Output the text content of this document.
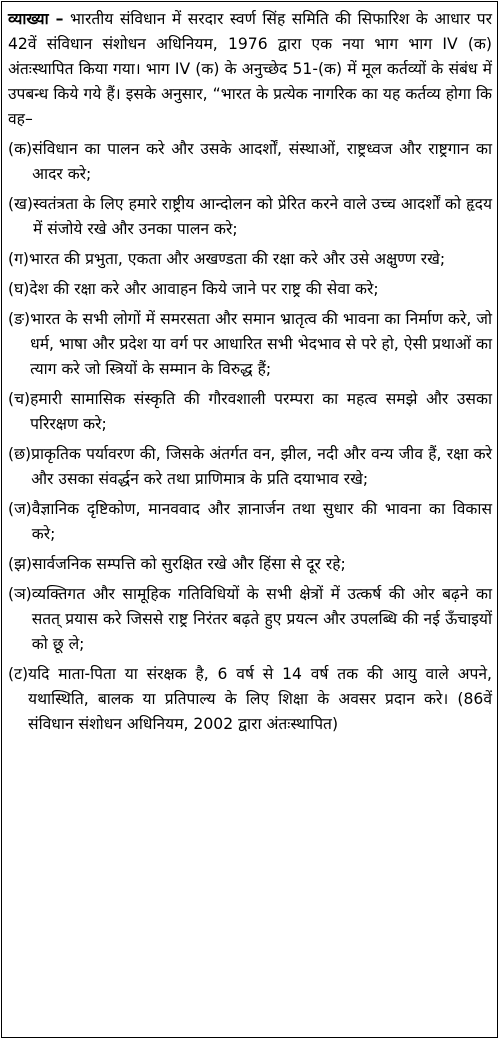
व्याख्या – भारतीय संविधान में सरदार स्वर्ण सिंह समिति की सिफारिश के आधार पर 42वें संविधान संशोधन अधिनियम, 1976 द्वारा एक नया भाग भाग IV (क) अंतःस्थापित किया गया। भाग IV (क) के अनुच्छेद 51-(क) में मूल कर्तव्यों के संबंध में उपबन्ध किये गये हैं। इसके अनुसार, “भारत के प्रत्येक नागरिक का यह कर्तव्य होगा कि वह–

(क) संविधान का पालन करे और उसके आदर्शों, संस्थाओं, राष्ट्रध्वज और राष्ट्रगान का आदर करे;
(ख) स्वतंत्रता के लिए हमारे राष्ट्रीय आन्दोलन को प्रेरित करने वाले उच्च आदर्शों को हृदय में संजोये रखे और उनका पालन करे;
(ग) भारत की प्रभुता, एकता और अखण्डता की रक्षा करे और उसे अक्षुण्ण रखे;
(घ) देश की रक्षा करे और आवाहन किये जाने पर राष्ट्र की सेवा करे;
(ङ) भारत के सभी लोगों में समरसता और समान भ्रातृत्व की भावना का निर्माण करे, जो धर्म, भाषा और प्रदेश या वर्ग पर आधारित सभी भेदभाव से परे हो, ऐसी प्रथाओं का त्याग करे जो स्त्रियों के सम्मान के विरुद्ध हैं;
(च) हमारी सामासिक संस्कृति की गौरवशाली परम्परा का महत्व समझे और उसका परिरक्षण करे;
(छ) प्राकृतिक पर्यावरण की, जिसके अंतर्गत वन, झील, नदी और वन्य जीव हैं, रक्षा करे और उसका संवर्द्धन करे तथा प्राणिमात्र के प्रति दयाभाव रखे;
(ज) वैज्ञानिक दृष्टिकोण, मानववाद और ज्ञानार्जन तथा सुधार की भावना का विकास करे;
(झ) सार्वजनिक सम्पत्ति को सुरक्षित रखे और हिंसा से दूर रहे;
(ञ) व्यक्तिगत और सामूहिक गतिविधियों के सभी क्षेत्रों में उत्कर्ष की ओर बढ़ने का सतत् प्रयास करे जिससे राष्ट्र निरंतर बढ़ते हुए प्रयत्न और उपलब्धि की नई ऊँचाइयों को छू ले;
(ट) यदि माता-पिता या संरक्षक है, 6 वर्ष से 14 वर्ष तक की आयु वाले अपने, यथास्थिति, बालक या प्रतिपाल्य के लिए शिक्षा के अवसर प्रदान करे। (86वें संविधान संशोधन अधिनियम, 2002 द्वारा अंतःस्थापित)
